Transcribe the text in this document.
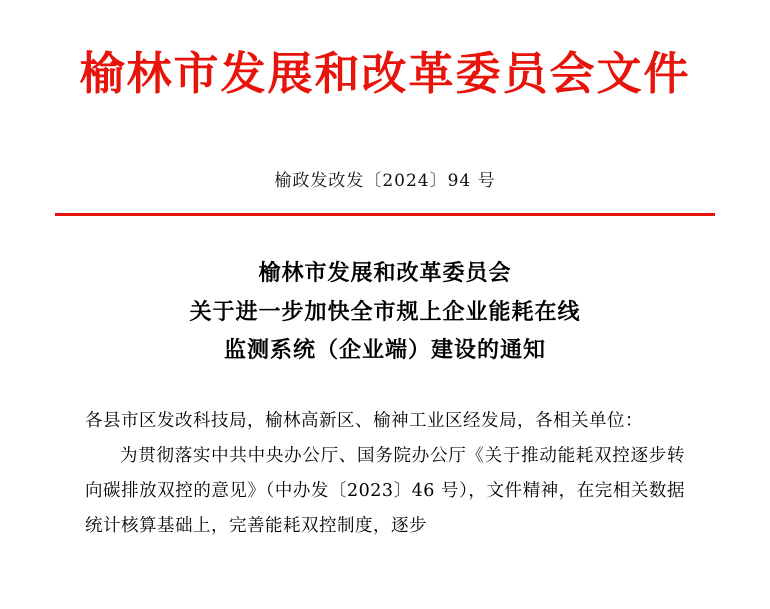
榆林市发展和改革委员会文件
榆政发改发〔2024〕94 号
榆林市发展和改革委员会
关于进一步加快全市规上企业能耗在线
监测系统（企业端）建设的通知

各县市区发改科技局，榆林高新区、榆神工业区经发局，各相关单位：

为贯彻落实中共中央办公厅、国务院办公厅《关于推动能耗双控逐步转向碳排放双控的意见》（中办发〔2023〕46 号），文件精神，在完相关数据统计核算基础上，完善能耗双控制度，逐步
